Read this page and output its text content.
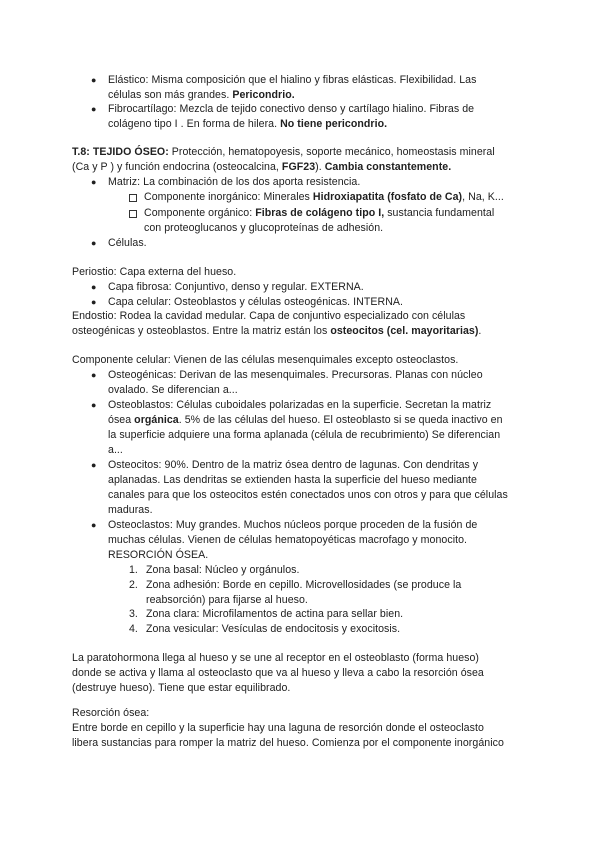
● Elástico: Misma composición que el hialino y fibras elásticas. Flexibilidad. Las
células son más grandes. Pericondrio.
● Fibrocartílago: Mezcla de tejido conectivo denso y cartílago hialino. Fibras de
colágeno tipo I . En forma de hilera. No tiene pericondrio.
T.8: TEJIDO ÓSEO: Protección, hematopoyesis, soporte mecánico, homeostasis mineral
(Ca y P ) y función endocrina (osteocalcina, FGF23). Cambia constantemente.
● Matriz: La combinación de los dos aporta resistencia.
Componente inorgánico: Minerales Hidroxiapatita (fosfato de Ca), Na, K...
Componente orgánico: Fibras de colágeno tipo I, sustancia fundamental
con proteoglucanos y glucoproteínas de adhesión.
● Células.
Periostio: Capa externa del hueso.
● Capa fibrosa: Conjuntivo, denso y regular. EXTERNA.
● Capa celular: Osteoblastos y células osteogénicas. INTERNA.
Endostio: Rodea la cavidad medular. Capa de conjuntivo especializado con células
osteogénicas y osteoblastos. Entre la matriz están los osteocitos (cel. mayoritarias).
Componente celular: Vienen de las células mesenquimales excepto osteoclastos.
● Osteogénicas: Derivan de las mesenquimales. Precursoras. Planas con núcleo
ovalado. Se diferencian a...
● Osteoblastos: Células cuboidales polarizadas en la superficie. Secretan la matriz
ósea orgánica. 5% de las células del hueso. El osteoblasto si se queda inactivo en
la superficie adquiere una forma aplanada (célula de recubrimiento) Se diferencian
a...
● Osteocitos: 90%. Dentro de la matriz ósea dentro de lagunas. Con dendritas y
aplanadas. Las dendritas se extienden hasta la superficie del hueso mediante
canales para que los osteocitos estén conectados unos con otros y para que células
maduras.
● Osteoclastos: Muy grandes. Muchos núcleos porque proceden de la fusión de
muchas células. Vienen de células hematopoyéticas macrofago y monocito.
RESORCIÓN ÓSEA.
1. Zona basal: Núcleo y orgánulos.
2. Zona adhesión: Borde en cepillo. Microvellosidades (se produce la
reabsorción) para fijarse al hueso.
3. Zona clara: Microfilamentos de actina para sellar bien.
4. Zona vesicular: Vesículas de endocitosis y exocitosis.
La paratohormona llega al hueso y se une al receptor en el osteoblasto (forma hueso)
donde se activa y llama al osteoclasto que va al hueso y lleva a cabo la resorción ósea
(destruye hueso). Tiene que estar equilibrado.
Resorción ósea:
Entre borde en cepillo y la superficie hay una laguna de resorción donde el osteoclasto
libera sustancias para romper la matriz del hueso. Comienza por el componente inorgánico
